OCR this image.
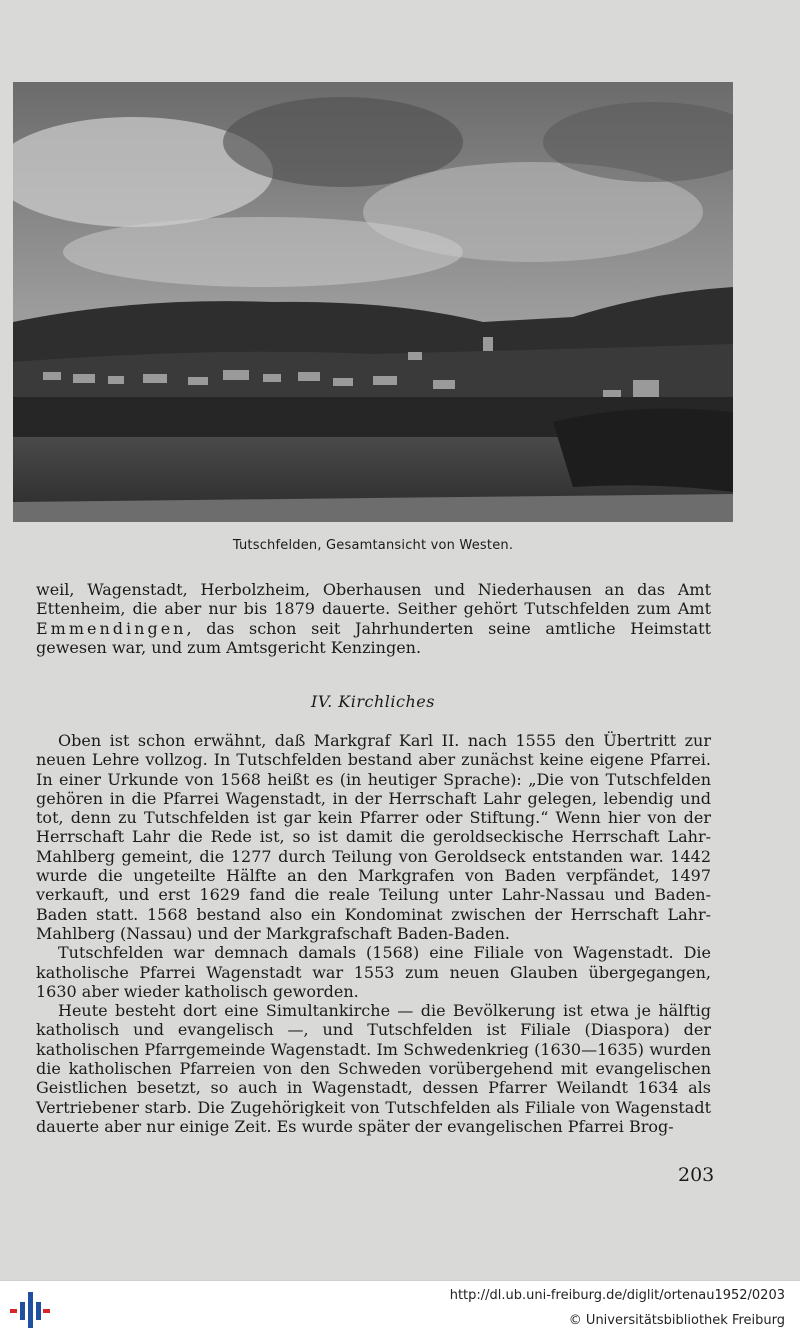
Tutschfelden, Gesamtansicht von Westen.

weil, Wagenstadt, Herbolzheim, Oberhausen und Niederhausen an das Amt Ettenheim, die aber nur bis 1879 dauerte. Seither gehört Tutschfelden zum Amt Emmendingen, das schon seit Jahrhunderten seine amtliche Heimstatt gewesen war, und zum Amtsgericht Kenzingen.

IV. Kirchliches

Oben ist schon erwähnt, daß Markgraf Karl II. nach 1555 den Übertritt zur neuen Lehre vollzog. In Tutschfelden bestand aber zunächst keine eigene Pfarrei. In einer Urkunde von 1568 heißt es (in heutiger Sprache): „Die von Tutschfelden gehören in die Pfarrei Wagenstadt, in der Herrschaft Lahr gelegen, lebendig und tot, denn zu Tutschfelden ist gar kein Pfarrer oder Stiftung.“ Wenn hier von der Herrschaft Lahr die Rede ist, so ist damit die geroldseckische Herrschaft Lahr-Mahlberg gemeint, die 1277 durch Teilung von Geroldseck entstanden war. 1442 wurde die ungeteilte Hälfte an den Markgrafen von Baden verpfändet, 1497 verkauft, und erst 1629 fand die reale Teilung unter Lahr-Nassau und Baden-Baden statt. 1568 bestand also ein Kondominat zwischen der Herrschaft Lahr-Mahlberg (Nassau) und der Markgrafschaft Baden-Baden.

Tutschfelden war demnach damals (1568) eine Filiale von Wagenstadt. Die katholische Pfarrei Wagenstadt war 1553 zum neuen Glauben übergegangen, 1630 aber wieder katholisch geworden.

Heute besteht dort eine Simultankirche — die Bevölkerung ist etwa je hälftig katholisch und evangelisch —, und Tutschfelden ist Filiale (Diaspora) der katholischen Pfarrgemeinde Wagenstadt. Im Schwedenkrieg (1630—1635) wurden die katholischen Pfarreien von den Schweden vorübergehend mit evangelischen Geistlichen besetzt, so auch in Wagenstadt, dessen Pfarrer Weilandt 1634 als Vertriebener starb. Die Zugehörigkeit von Tutschfelden als Filiale von Wagenstadt dauerte aber nur einige Zeit. Es wurde später der evangelischen Pfarrei Brog-

203
http://dl.ub.uni-freiburg.de/diglit/ortenau1952/0203
© Universitätsbibliothek Freiburg
